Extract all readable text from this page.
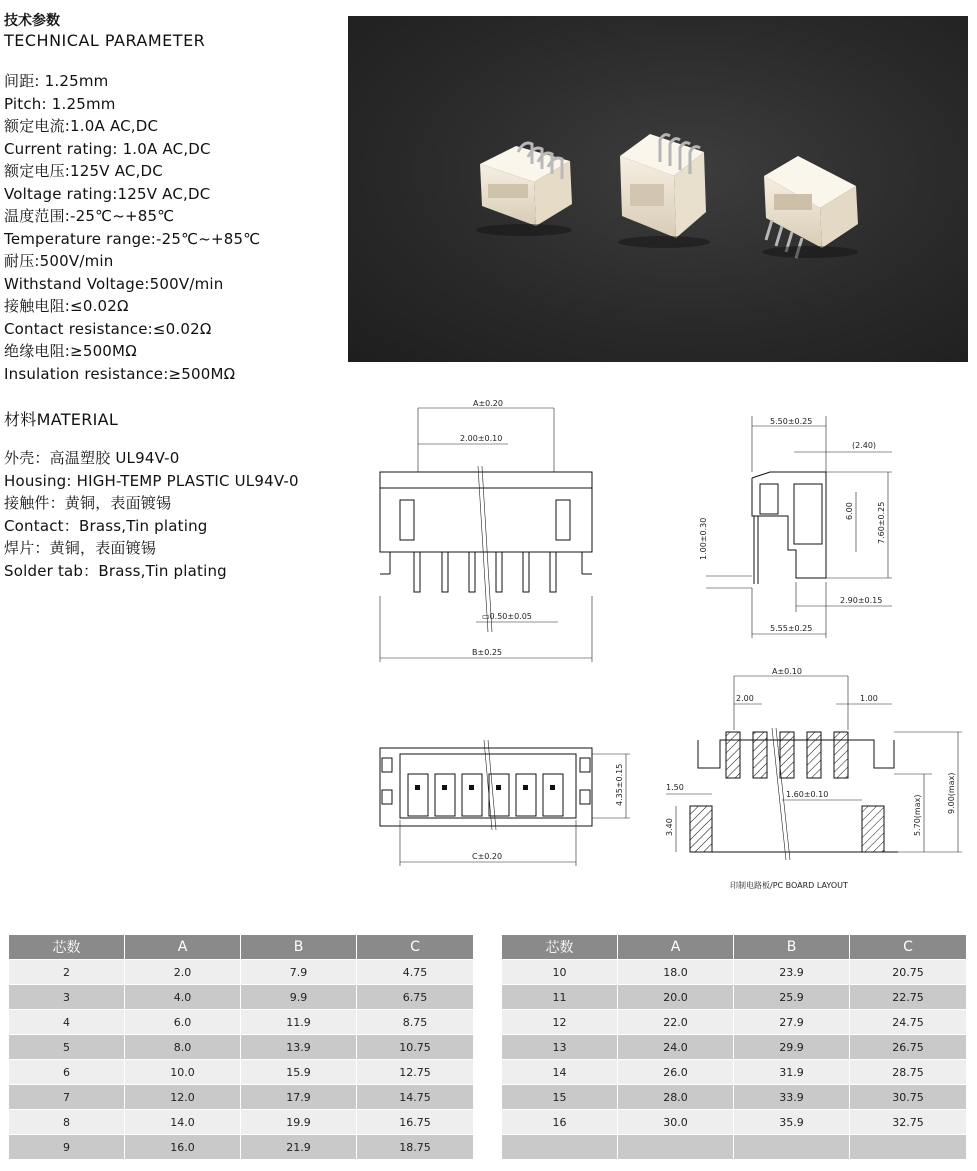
技术参数
TECHNICAL PARAMETER
间距: 1.25mm
Pitch: 1.25mm
额定电流:1.0A AC,DC
Current rating: 1.0A AC,DC
额定电压:125V AC,DC
Voltage rating:125V AC,DC
温度范围:-25℃~+85℃
Temperature range:-25℃~+85℃
耐压:500V/min
Withstand Voltage:500V/min
接触电阻:≤0.02Ω
Contact resistance:≤0.02Ω
绝缘电阻:≥500MΩ
Insulation resistance:≥500MΩ
材料MATERIAL
外壳：高温塑胶 UL94V-0
Housing: HIGH-TEMP PLASTIC UL94V-0
接触件：黄铜，表面镀锡
Contact：Brass,Tin plating
焊片：黄铜，表面镀锡
Solder tab：Brass,Tin plating
A±0.20
2.00±0.10
▭0.50±0.05
B±0.25
5.50±0.25
(2.40)
6.00	7.60±0.25
1.00±0.30
2.90±0.15
5.55±0.25
4.35±0.15
C±0.20
A±0.10
2.00	1.00
1.50
1.60±0.10
3.40	5.70(max)
9.00(max)
印制电路板/PC BOARD LAYOUT
芯数	A	B	C
2	2.0	7.9	4.75
3	4.0	9.9	6.75
4	6.0	11.9	8.75
5	8.0	13.9	10.75
6	10.0	15.9	12.75
7	12.0	17.9	14.75
8	14.0	19.9	16.75
9	16.0	21.9	18.75
芯数	A	B	C
10	18.0	23.9	20.75
11	20.0	25.9	22.75
12	22.0	27.9	24.75
13	24.0	29.9	26.75
14	26.0	31.9	28.75
15	28.0	33.9	30.75
16	30.0	35.9	32.75
